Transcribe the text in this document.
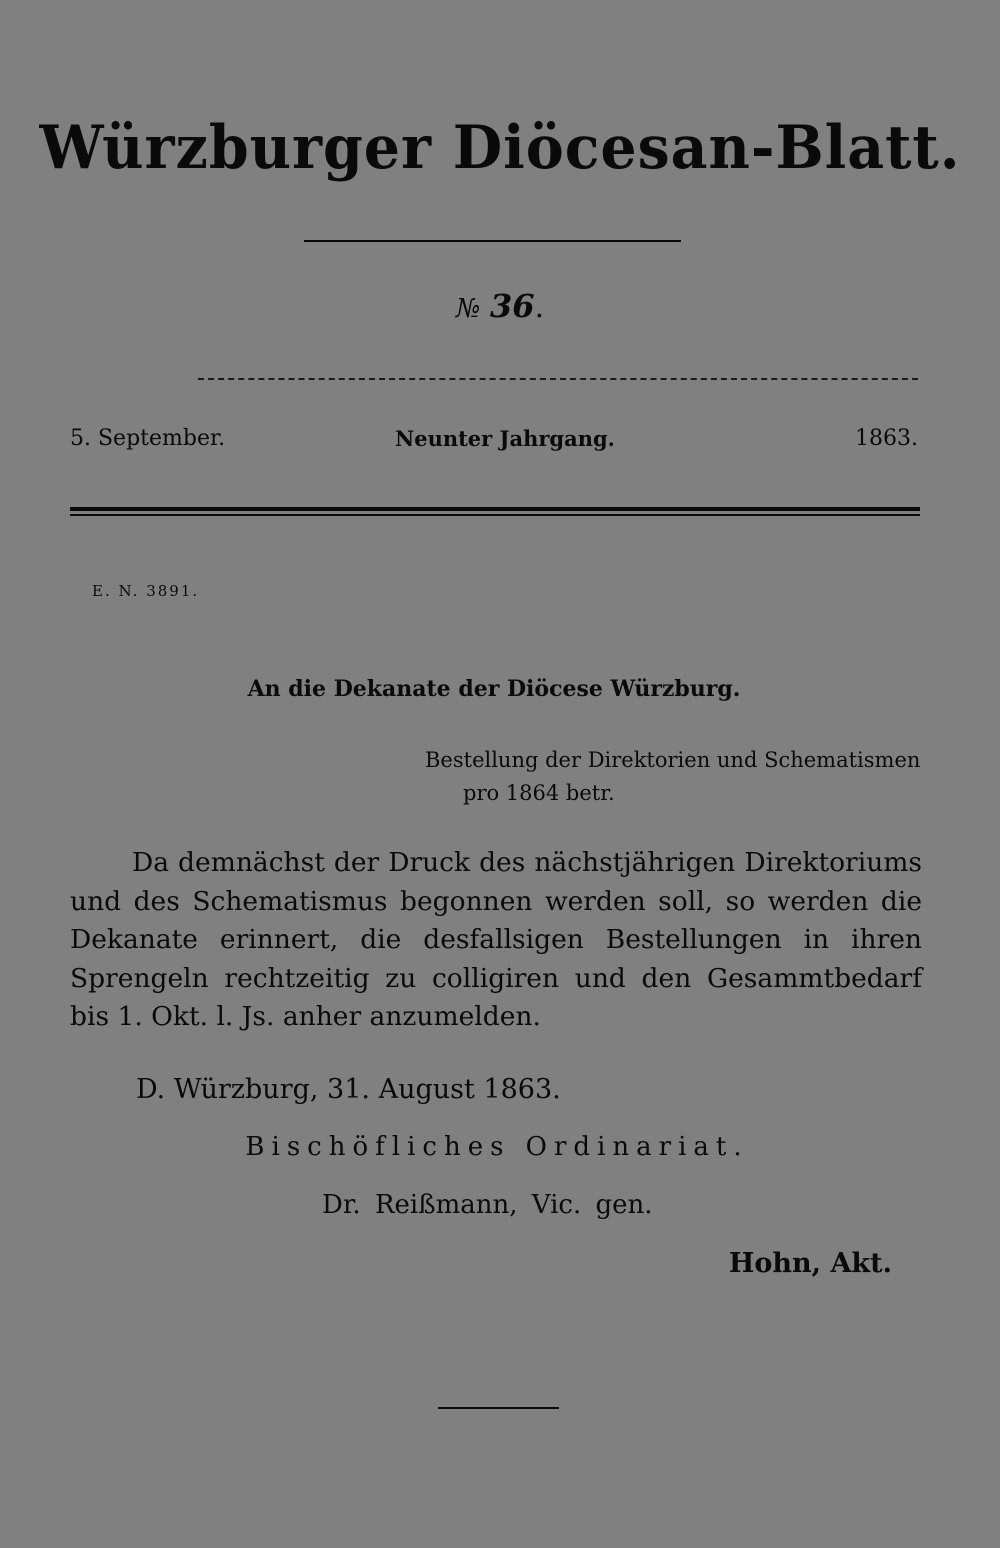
Würzburger Diöcesan-Blatt.
№ 36.
5. September.	Neunter Jahrgang.	1863.
E. N. 3891.
An die Dekanate der Diöcese Würzburg.
Bestellung der Direktorien und Schematismen
pro 1864 betr.

Da demnächst der Druck des nächstjährigen Direktoriums und des Schematismus begonnen werden soll, so werden die Dekanate erinnert, die desfallsigen Bestellungen in ihren Sprengeln rechtzeitig zu colligiren und den Gesammtbedarf bis 1. Okt. l. Js. anher anzumelden.

D. Würzburg, 31. August 1863.
Bischöfliches Ordinariat.
Dr. Reißmann, Vic. gen.
Hohn, Akt.
